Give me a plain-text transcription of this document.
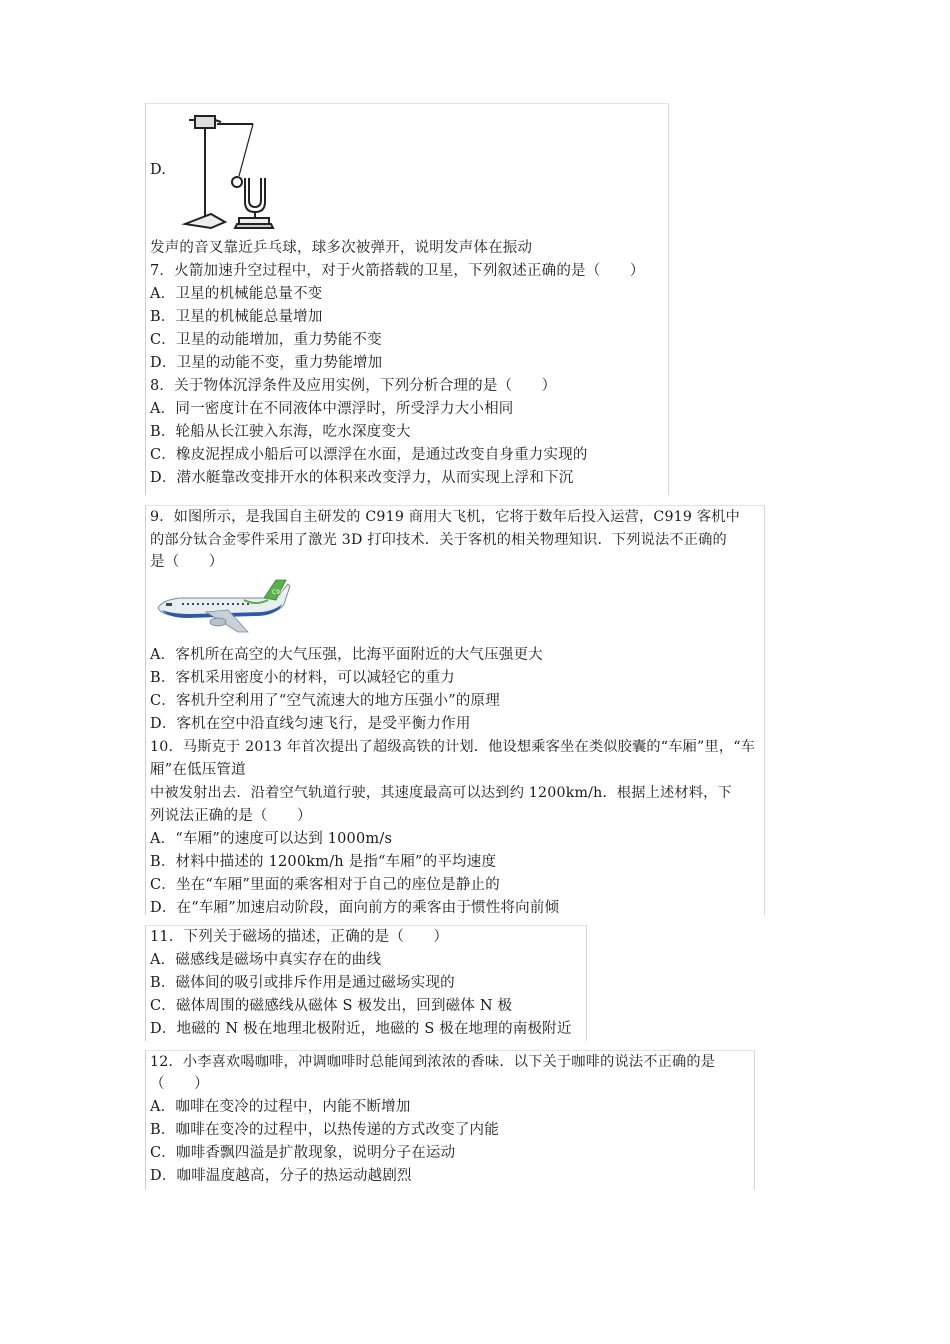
D.
发声的音叉靠近乒乓球，球多次被弹开，说明发声体在振动
7．火箭加速升空过程中，对于火箭搭载的卫星，下列叙述正确的是（　　）
A．卫星的机械能总量不变
B．卫星的机械能总量增加
C．卫星的动能增加，重力势能不变
D．卫星的动能不变，重力势能增加
8．关于物体沉浮条件及应用实例，下列分析合理的是（　　）
A．同一密度计在不同液体中漂浮时，所受浮力大小相同
B．轮船从长江驶入东海，吃水深度变大
C．橡皮泥捏成小船后可以漂浮在水面，是通过改变自身重力实现的
D．潜水艇靠改变排开水的体积来改变浮力，从而实现上浮和下沉
9．如图所示，是我国自主研发的 C919 商用大飞机，它将于数年后投入运营，C919 客机中
的部分钛合金零件采用了激光 3D 打印技术．关于客机的相关物理知识．下列说法不正确的
是（　　）
C919
A．客机所在高空的大气压强，比海平面附近的大气压强更大
B．客机采用密度小的材料，可以减轻它的重力
C．客机升空利用了“空气流速大的地方压强小”的原理
D．客机在空中沿直线匀速飞行，是受平衡力作用
10．马斯克于 2013 年首次提出了超级高铁的计划．他设想乘客坐在类似胶囊的“车厢”里，“车
厢”在低压管道
中被发射出去．沿着空气轨道行驶，其速度最高可以达到约 1200km/h．根据上述材料，下
列说法正确的是（　　）
A．“车厢”的速度可以达到 1000m/s
B．材料中描述的 1200km/h 是指“车厢”的平均速度
C．坐在“车厢”里面的乘客相对于自己的座位是静止的
D．在“车厢”加速启动阶段，面向前方的乘客由于惯性将向前倾
11．下列关于磁场的描述，正确的是（　　）
A．磁感线是磁场中真实存在的曲线
B．磁体间的吸引或排斥作用是通过磁场实现的
C．磁体周围的磁感线从磁体 S 极发出，回到磁体 N 极
D．地磁的 N 极在地理北极附近，地磁的 S 极在地理的南极附近
12．小李喜欢喝咖啡，冲调咖啡时总能闻到浓浓的香味．以下关于咖啡的说法不正确的是
（　　）
A．咖啡在变冷的过程中，内能不断增加
B．咖啡在变冷的过程中，以热传递的方式改变了内能
C．咖啡香飘四溢是扩散现象，说明分子在运动
D．咖啡温度越高，分子的热运动越剧烈
